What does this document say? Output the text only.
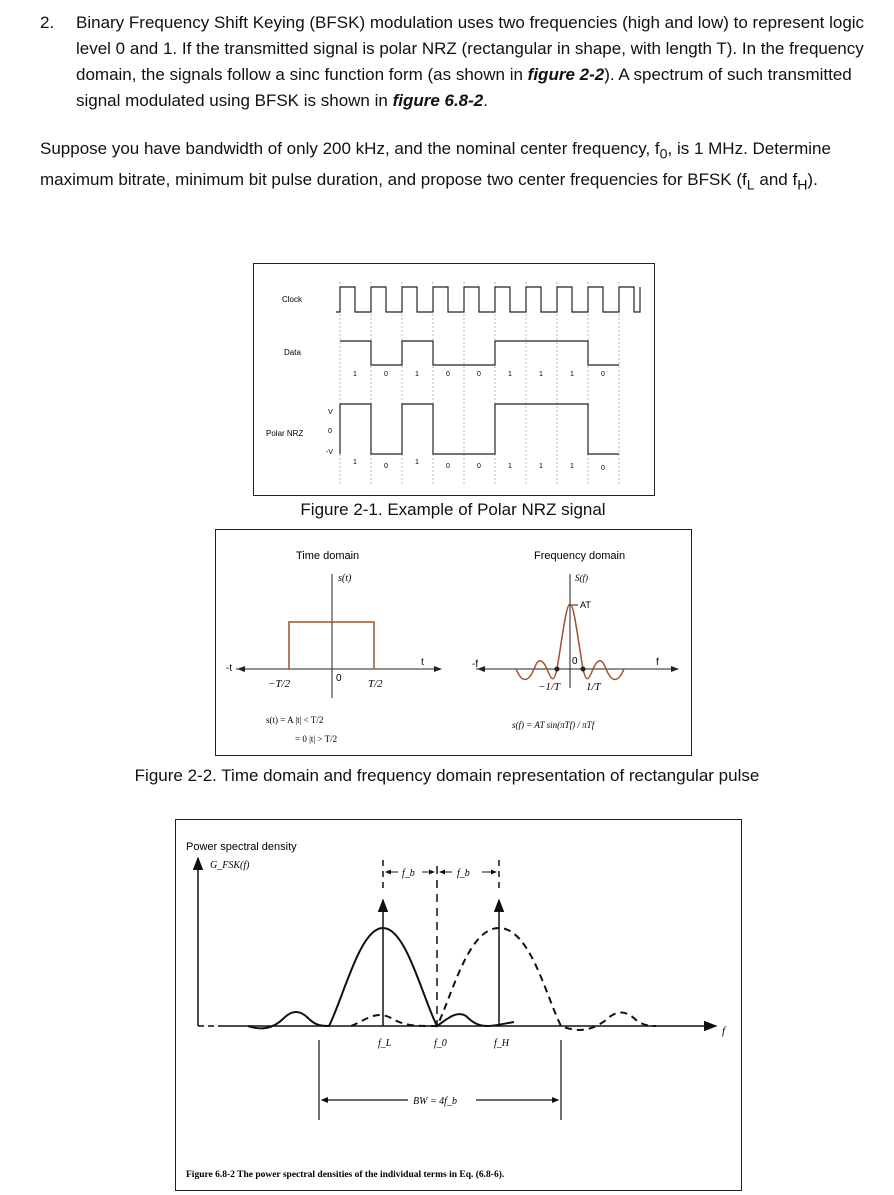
2. Binary Frequency Shift Keying (BFSK) modulation uses two frequencies (high and low) to represent logic level 0 and 1. If the transmitted signal is polar NRZ (rectangular in shape, with length T). In the frequency domain, the signals follow a sinc function form (as shown in figure 2-2). A spectrum of such transmitted signal modulated using BFSK is shown in figure 6.8-2.
Suppose you have bandwidth of only 200 kHz, and the nominal center frequency, $f_0$, is 1 MHz. Determine maximum bitrate, minimum bit pulse duration, and propose two center frequencies for BFSK ($f_L$ and $f_H$).
Clock
Data
1	0	1	0	0	1	1	1	0
V
0
-V
Polar NRZ
1
0
1
0	0	1	1	1	0
Figure 2-1. Example of Polar NRZ signal
Time domain
s(t)
-t
t
−T/2	0 T/2
s(t) = A |t| < T/2
= 0 |t| > T/2
Frequency domain
S(f)
AT
-f	f
0
−1/T 1/T
s(f) = AT sin(πTf) / πTf
Figure 2-2. Time domain and frequency domain representation of rectangular pulse
Power spectral density
G_FSK(f)
f
f_b	f_b
f_L	f_0	f_H
BW = 4f_b
Figure 6.8-2 The power spectral densities of the individual terms in Eq. (6.8-6).
